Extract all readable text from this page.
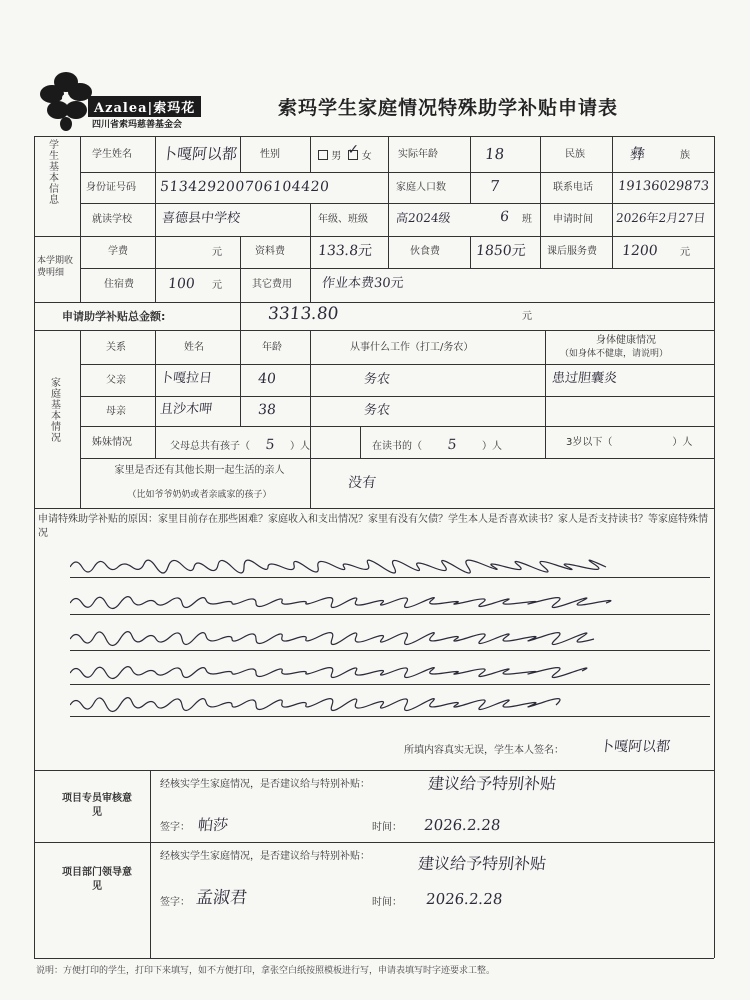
Azalea|索玛花
四川省索玛慈善基金会
索玛学生家庭情况特殊助学补贴申请表
学生基本信息
学生姓名 卜嘎阿以都 性别	男 ✓ 女	实际年龄	18	民族	彝	族
身份证号码 513429200706104420	家庭人口数	7	联系电话 19136029873
就读学校 喜德县中学校	年级、班级 高2024级	6 班 申请时间 2026年2月27日
本学期收费明细
学费	元	资料费 133.8元	伙食费	1850元 课后服务费 1200 元
住宿费 100 元	其它费用 作业本费30元
申请助学补贴总金额:	3313.80	元
家庭基本情况
关系	姓名	年龄	从事什么工作（打工/务农）
身体健康情况
（如身体不健康，请说明）
父亲	卜嘎拉日	40	务农	患过胆囊炎
母亲	且沙木呷	38	务农
姊妹情况	父母总共有孩子（ 5 ）人	在读书的（ 5 ）人	3岁以下（	）人
家里是否还有其他长期一起生活的亲人
（比如爷爷奶奶或者亲戚家的孩子）
没有
申请特殊助学补贴的原因：家里目前存在那些困难？家庭收入和支出情况？家里有没有欠债？学生本人是否喜欢读书？家人是否支持读书？等家庭特殊情况
所填内容真实无误，学生本人签名：	卜嘎阿以都
项目专员审核意见
经核实学生家庭情况，是否建议给与特别补贴：	建议给予特别补贴
签字： 帕莎	时间： 2026.2.28
项目部门领导意见
经核实学生家庭情况，是否建议给与特别补贴：	建议给予特别补贴
签字： 孟淑君	时间： 2026.2.28
说明：方便打印的学生，打印下来填写，如不方便打印，拿张空白纸按照模板进行写，申请表填写时字迹要求工整。
